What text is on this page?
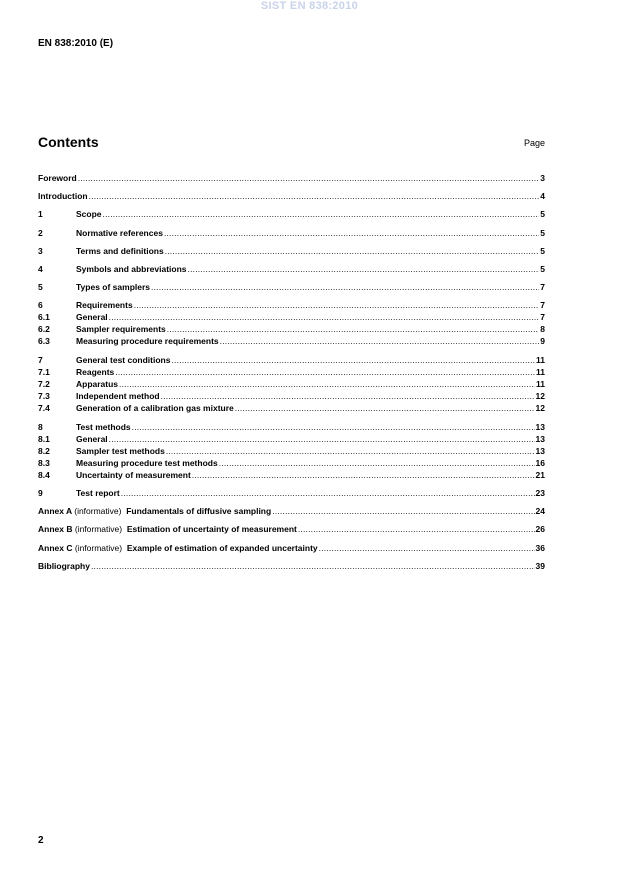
SIST EN 838:2010
EN 838:2010 (E)
Contents	Page
Foreword .....	3
Introduction .....	4
1	Scope .....	5
2	Normative references .....	5
3	Terms and definitions .....	5
4	Symbols and abbreviations .....	5
5	Types of samplers .....	7
6	Requirements .....	7
6.1	General .....	7
6.2	Sampler requirements .....	8
6.3	Measuring procedure requirements .....	9
7	General test conditions .....	11
7.1	Reagents .....	11
7.2	Apparatus .....	11
7.3	Independent method .....	12
7.4	Generation of a calibration gas mixture .....	12
8	Test methods .....	13
8.1	General .....	13
8.2	Sampler test methods .....	13
8.3	Measuring procedure test methods .....	16
8.4	Uncertainty of measurement .....	21
9	Test report .....	23
Annex A (informative) Fundamentals of diffusive sampling .....	24
Annex B (informative) Estimation of uncertainty of measurement .....	26
Annex C (informative) Example of estimation of expanded uncertainty .....	36
Bibliography .....	39
2
